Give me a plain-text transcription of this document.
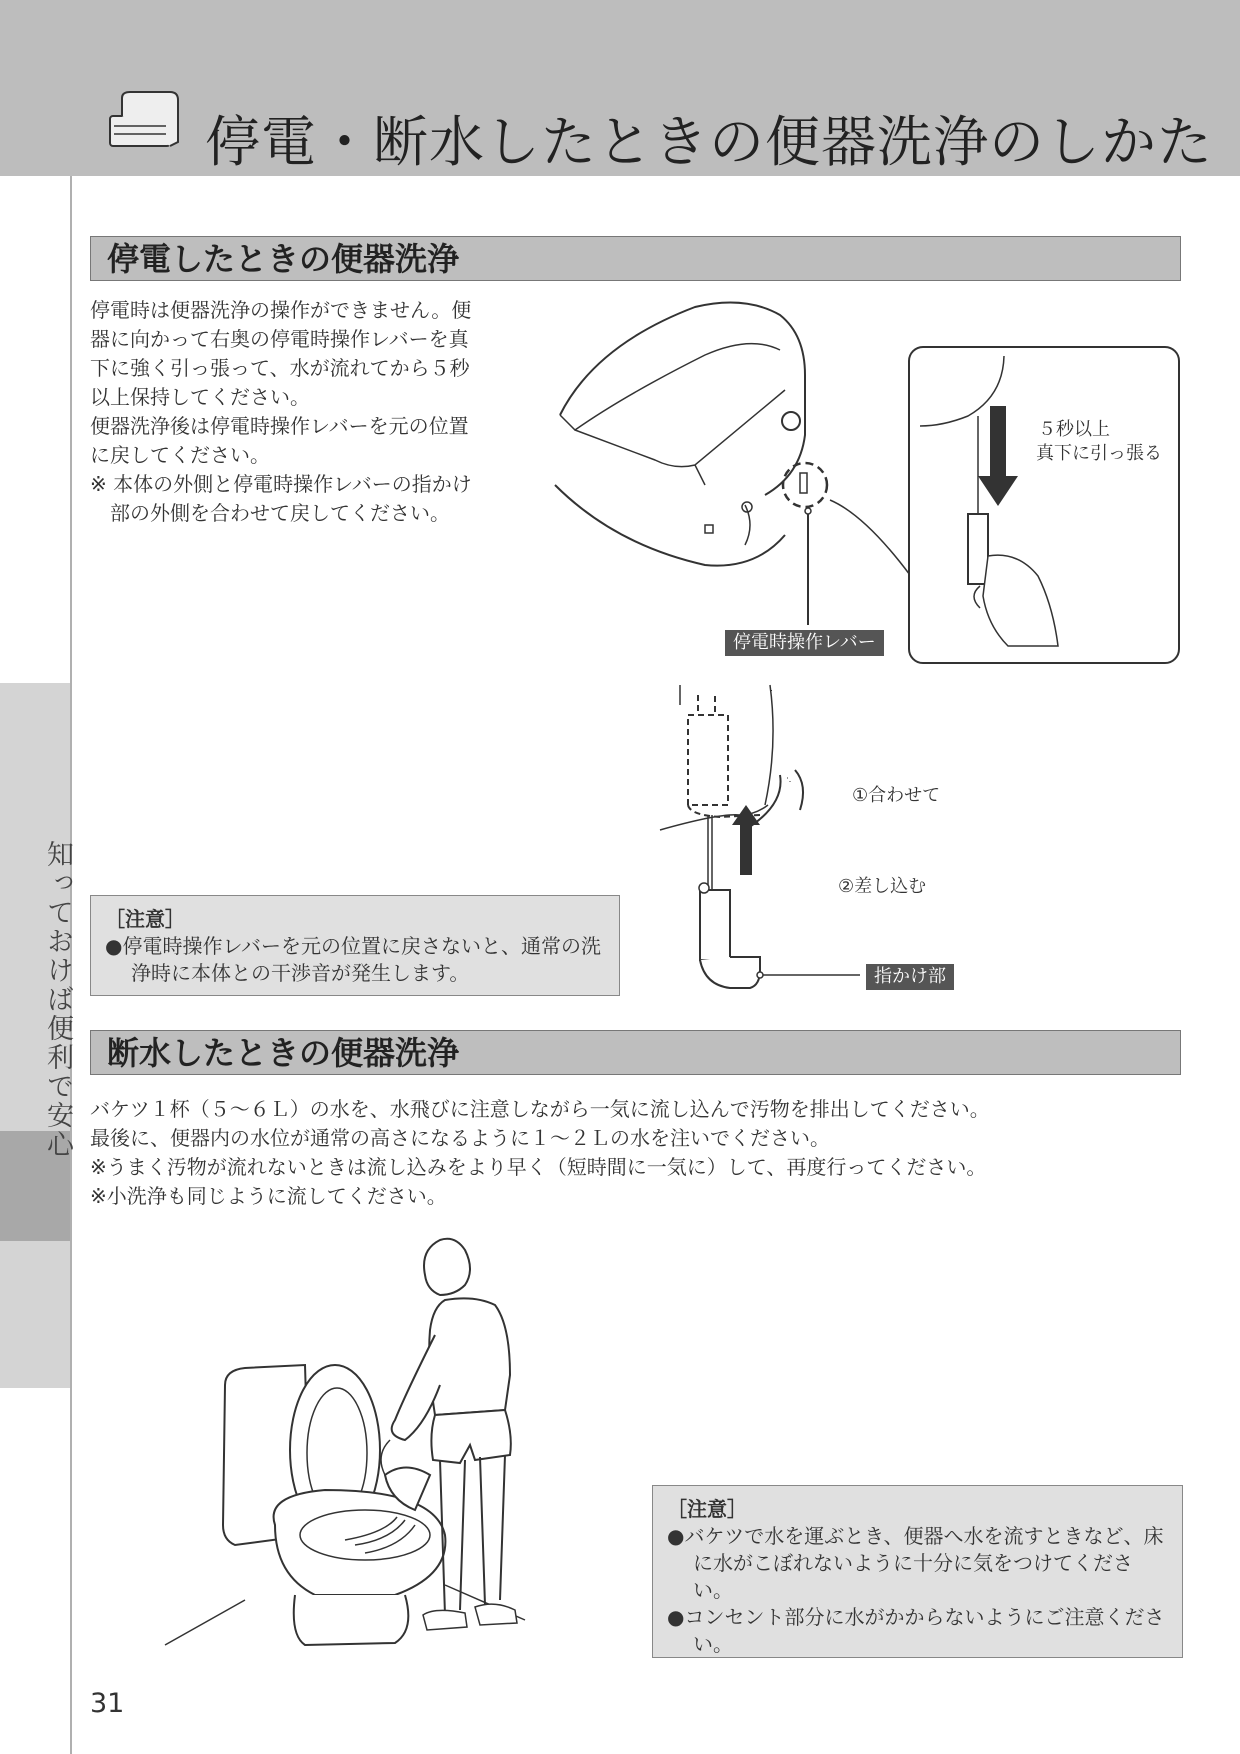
停電・断水したときの便器洗浄のしかた
知っておけば便利で安心
停電したときの便器洗浄
停電時は便器洗浄の操作ができません。便
器に向かって右奥の停電時操作レバーを真
下に強く引っ張って、水が流れてから５秒
以上保持してください。
便器洗浄後は停電時操作レバーを元の位置
に戻してください。
※ 本体の外側と停電時操作レバーの指かけ
　部の外側を合わせて戻してください。
停電時操作レバー
５秒以上
真下に引っ張る
①合わせて
②差し込む
指かけ部
［注意］
●停電時操作レバーを元の位置に戻さないと、通常の洗浄時に本体との干渉音が発生します。
断水したときの便器洗浄
バケツ１杯（５～６Ｌ）の水を、水飛びに注意しながら一気に流し込んで汚物を排出してください。
最後に、便器内の水位が通常の高さになるように１～２Ｌの水を注いでください。
※うまく汚物が流れないときは流し込みをより早く（短時間に一気に）して、再度行ってください。
※小洗浄も同じように流してください。
［注意］
●バケツで水を運ぶとき、便器へ水を流すときなど、床に水がこぼれないように十分に気をつけてください。
●コンセント部分に水がかからないようにご注意ください。
31
